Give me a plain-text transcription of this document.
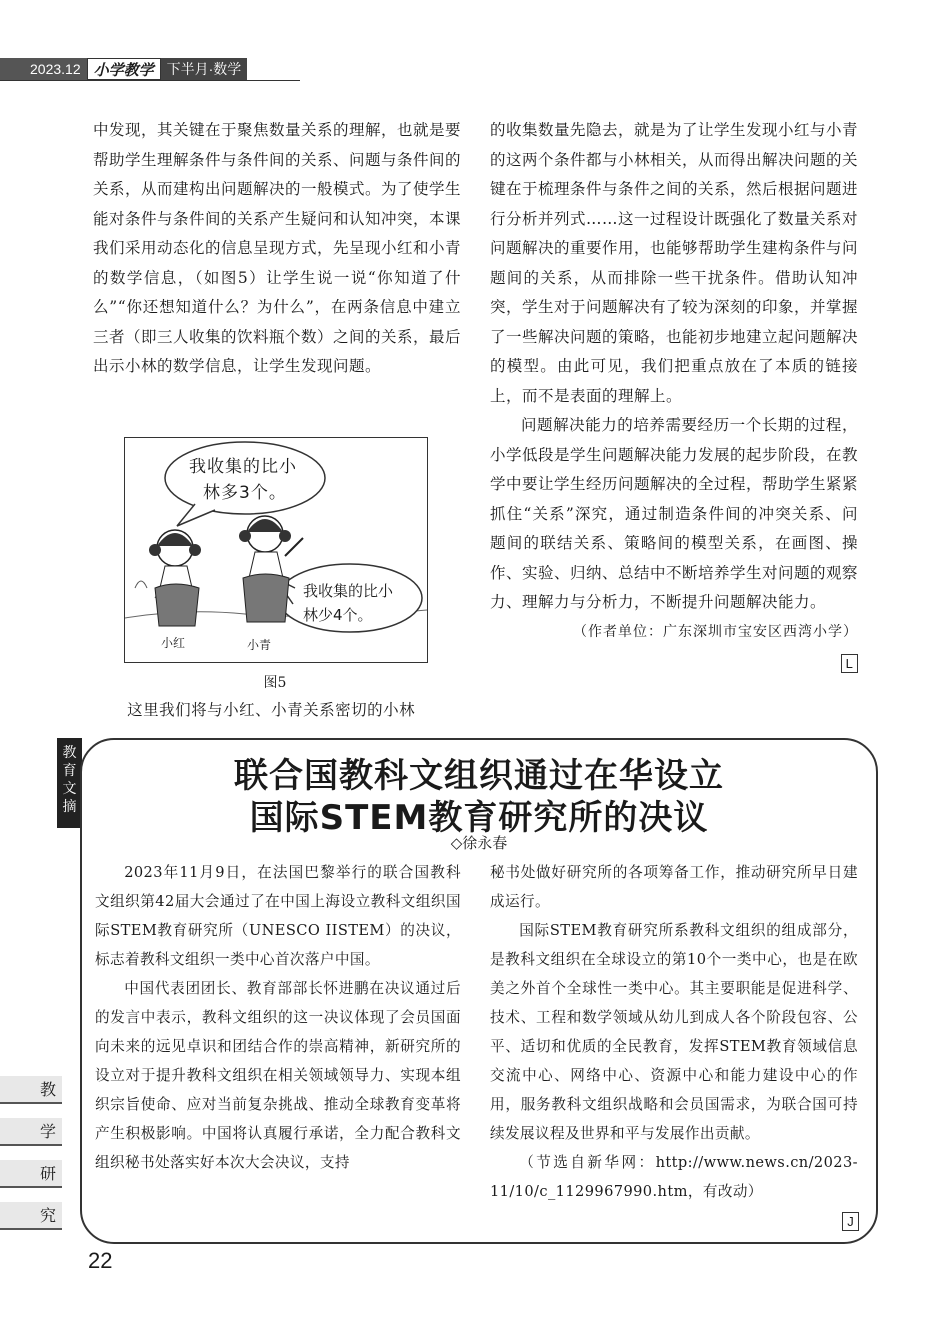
2023.12 小学教学 下半月·数学

中发现，其关键在于聚焦数量关系的理解，也就是要帮助学生理解条件与条件间的关系、问题与条件间的关系，从而建构出问题解决的一般模式。为了使学生能对条件与条件间的关系产生疑问和认知冲突，本课我们采用动态化的信息呈现方式，先呈现小红和小青的数学信息，（如图5）让学生说一说“你知道了什么”“你还想知道什么？为什么”，在两条信息中建立三者（即三人收集的饮料瓶个数）之间的关系，最后出示小林的数学信息，让学生发现问题。

我收集的比小
林多3个。
我收集的比小
林少4个。
小红	小青
图5

这里我们将与小红、小青关系密切的小林

的收集数量先隐去，就是为了让学生发现小红与小青的这两个条件都与小林相关，从而得出解决问题的关键在于梳理条件与条件之间的关系，然后根据问题进行分析并列式……这一过程设计既强化了数量关系对问题解决的重要作用，也能够帮助学生建构条件与问题间的关系，从而排除一些干扰条件。借助认知冲突，学生对于问题解决有了较为深刻的印象，并掌握了一些解决问题的策略，也能初步地建立起问题解决的模型。由此可见，我们把重点放在了本质的链接上，而不是表面的理解上。

问题解决能力的培养需要经历一个长期的过程，小学低段是学生问题解决能力发展的起步阶段，在教学中要让学生经历问题解决的全过程，帮助学生紧紧抓住“关系”深究，通过制造条件间的冲突关系、问题间的联结关系、策略间的模型关系，在画图、操作、实验、归纳、总结中不断培养学生对问题的观察力、理解力与分析力，不断提升问题解决能力。

（作者单位：广东深圳市宝安区西湾小学）
L
教
育
文
摘
联合国教科文组织通过在华设立
国际STEM教育研究所的决议
◇徐永春

2023年11月9日，在法国巴黎举行的联合国教科文组织第42届大会通过了在中国上海设立教科文组织国际STEM教育研究所（UNESCO IISTEM）的决议，标志着教科文组织一类中心首次落户中国。

中国代表团团长、教育部部长怀进鹏在决议通过后的发言中表示，教科文组织的这一决议体现了会员国面向未来的远见卓识和团结合作的崇高精神，新研究所的设立对于提升教科文组织在相关领域领导力、实现本组织宗旨使命、应对当前复杂挑战、推动全球教育变革将产生积极影响。中国将认真履行承诺，全力配合教科文组织秘书处落实好本次大会决议，支持

秘书处做好研究所的各项筹备工作，推动研究所早日建成运行。

国际STEM教育研究所系教科文组织的组成部分，是教科文组织在全球设立的第10个一类中心，也是在欧美之外首个全球性一类中心。其主要职能是促进科学、技术、工程和数学领域从幼儿到成人各个阶段包容、公平、适切和优质的全民教育，发挥STEM教育领域信息交流中心、网络中心、资源中心和能力建设中心的作用，服务教科文组织战略和会员国需求，为联合国可持续发展议程及世界和平与发展作出贡献。

（节选自新华网：http://www.news.cn/2023-11/10/c_1129967990.htm，有改动）

J
教
学
研
究
22
